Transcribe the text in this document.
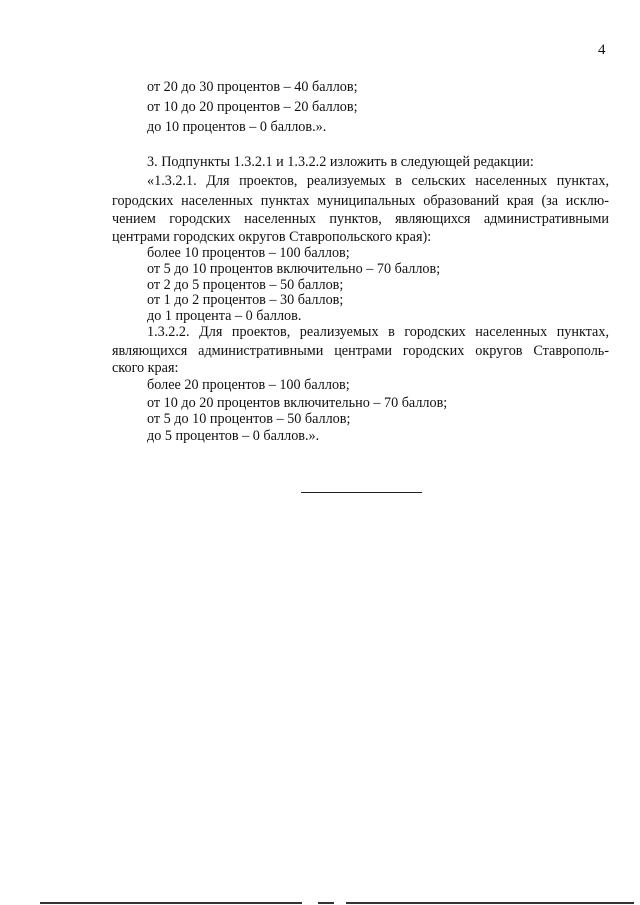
4
от 20 до 30 процентов – 40 баллов;
от 10 до 20 процентов – 20 баллов;
до 10 процентов – 0 баллов.».
3. Подпункты 1.3.2.1 и 1.3.2.2 изложить в следующей редакции:
«1.3.2.1. Для проектов, реализуемых в сельских населенных пунктах,
городских населенных пунктах муниципальных образований края (за исклю-
чением городских населенных пунктов, являющихся административными
центрами городских округов Ставропольского края):
более 10 процентов – 100 баллов;
от 5 до 10 процентов включительно – 70 баллов;
от 2 до 5 процентов – 50 баллов;
от 1 до 2 процентов – 30 баллов;
до 1 процента – 0 баллов.
1.3.2.2. Для проектов, реализуемых в городских населенных пунктах,
являющихся административными центрами городских округов Ставрополь-
ского края:
более 20 процентов – 100 баллов;
от 10 до 20 процентов включительно – 70 баллов;
от 5 до 10 процентов – 50 баллов;
до 5 процентов – 0 баллов.».
